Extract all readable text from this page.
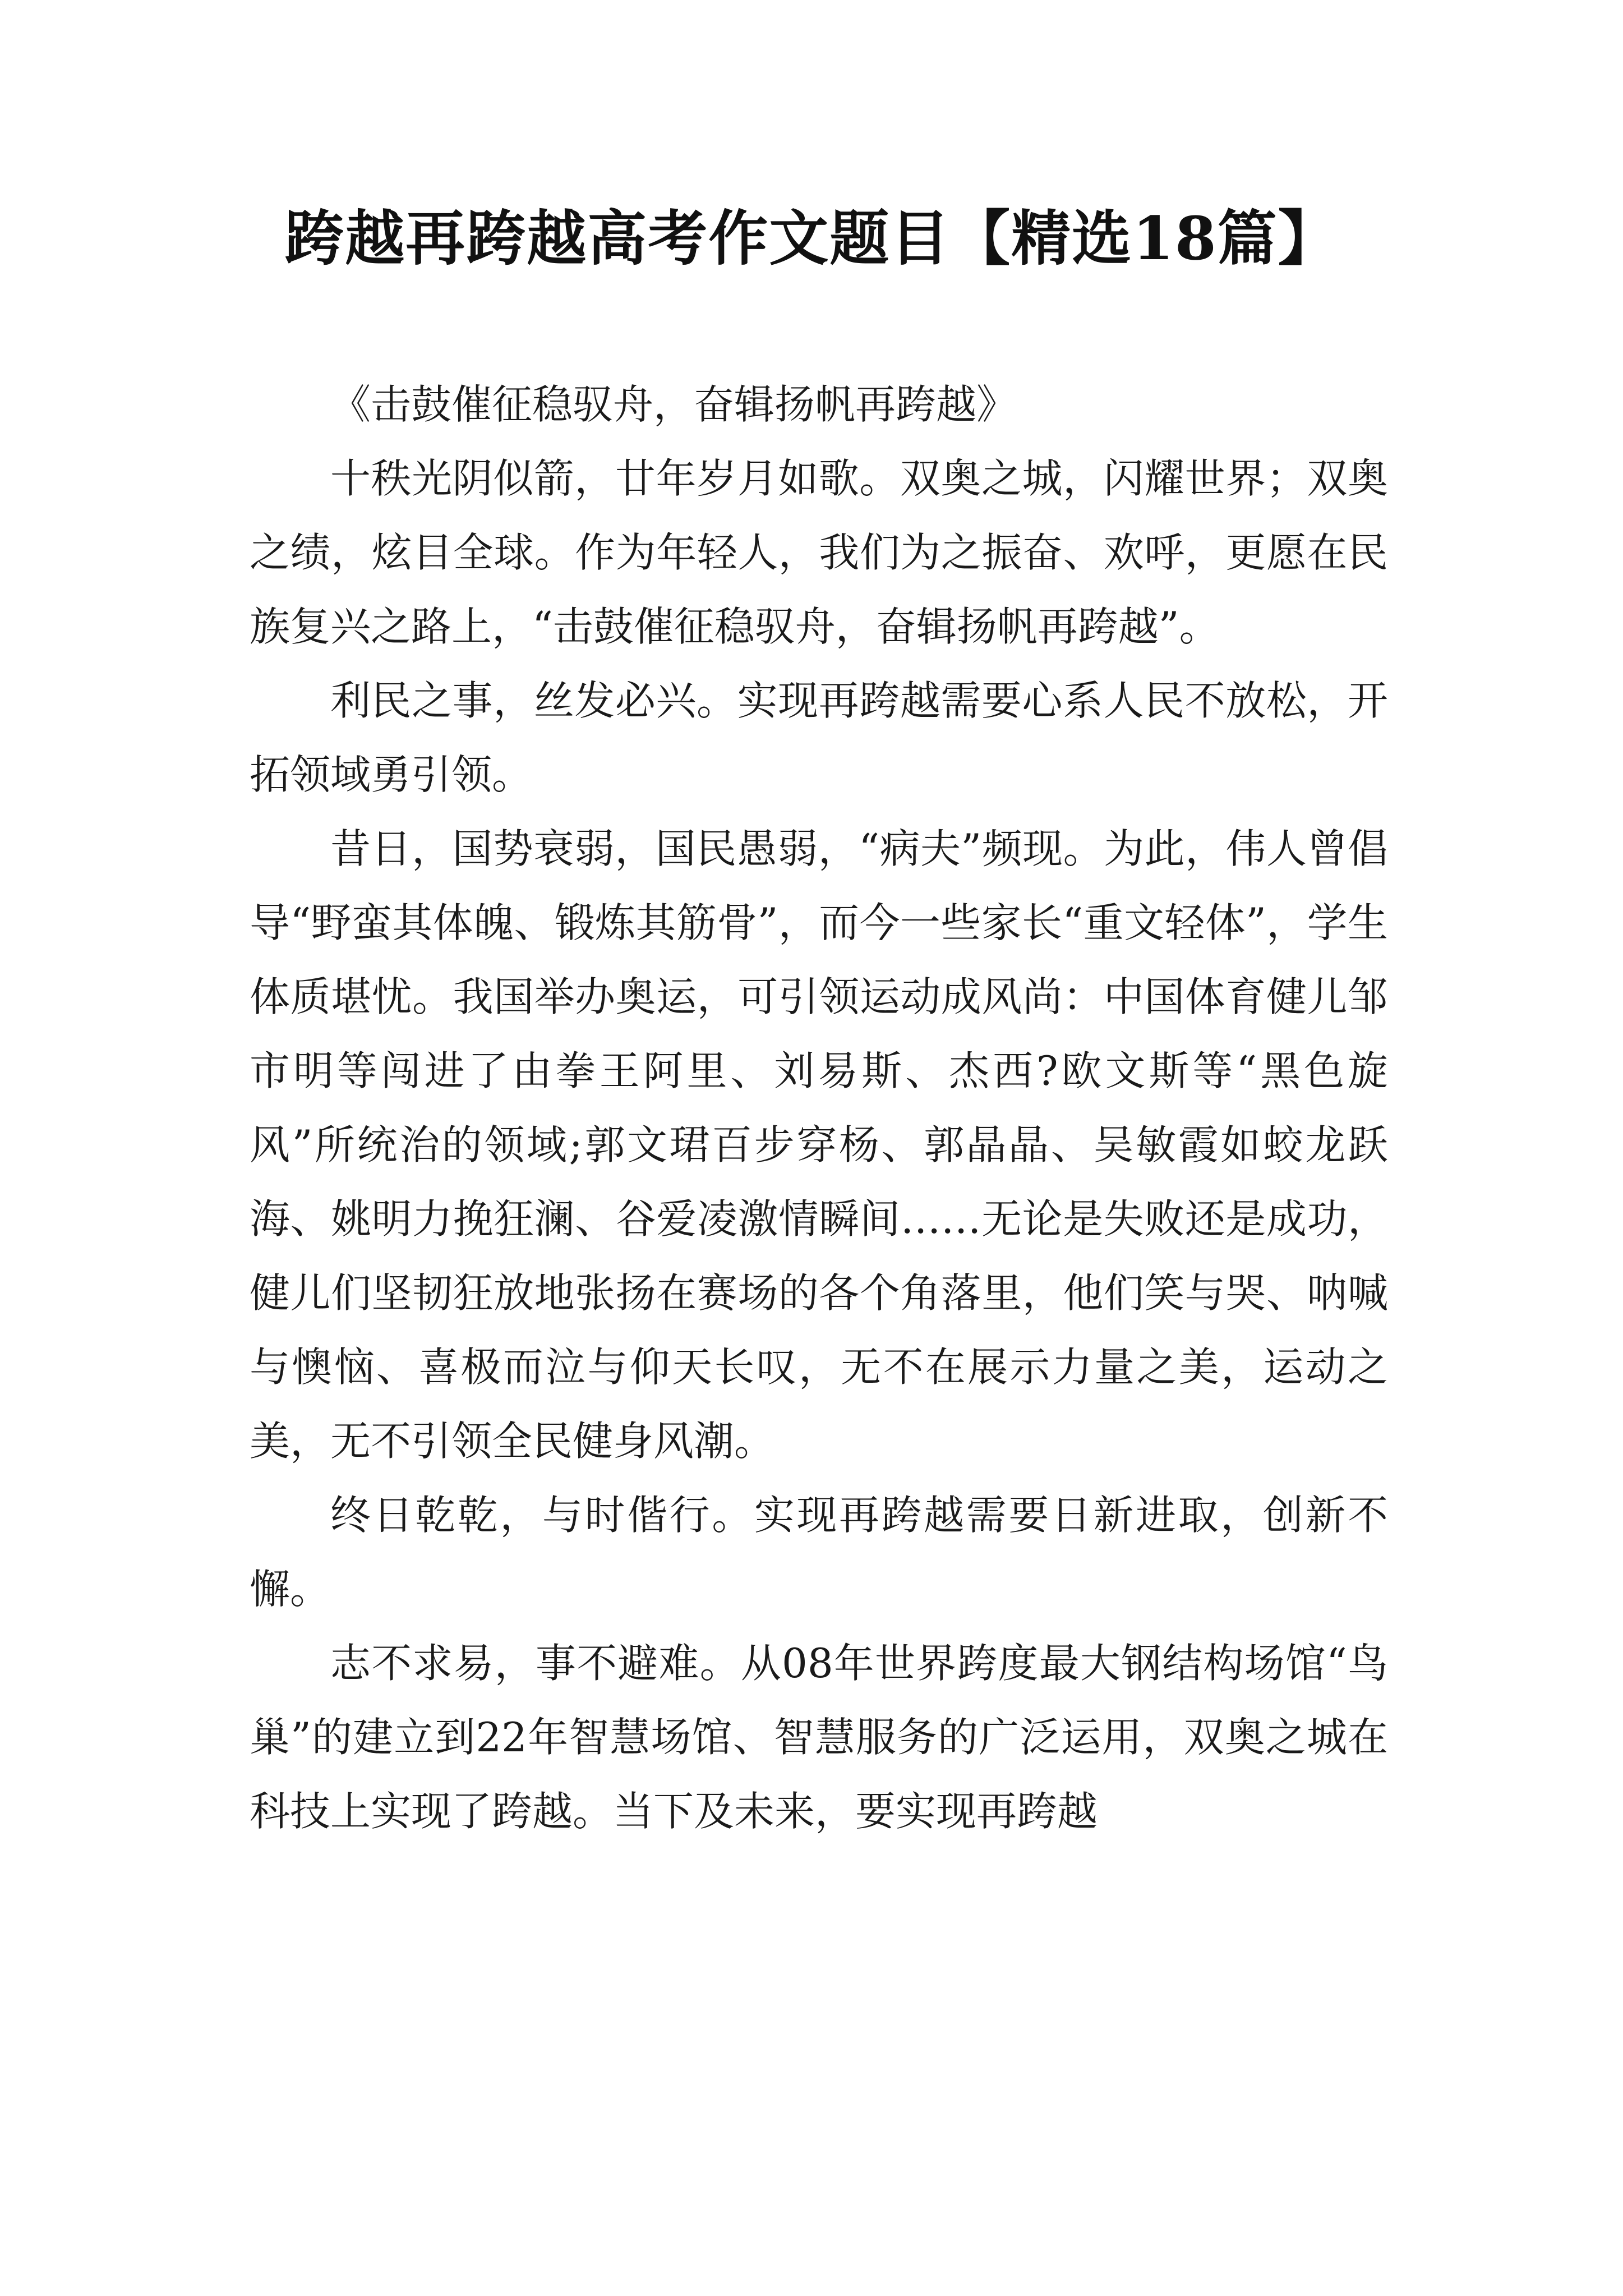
跨越再跨越高考作文题目【精选18篇】

《击鼓催征稳驭舟，奋辑扬帆再跨越》

十秩光阴似箭，廿年岁月如歌。双奥之城，闪耀世界；双奥之绩，炫目全球。作为年轻人，我们为之振奋、欢呼，更愿在民族复兴之路上，“击鼓催征稳驭舟，奋辑扬帆再跨越”。

利民之事，丝发必兴。实现再跨越需要心系人民不放松，开拓领域勇引领。

昔日，国势衰弱，国民愚弱，“病夫”频现。为此，伟人曾倡导“野蛮其体魄、锻炼其筋骨”，而今一些家长“重文轻体”，学生体质堪忧。我国举办奥运，可引领运动成风尚：中国体育健儿邹市明等闯进了由拳王阿里、刘易斯、杰西?欧文斯等“黑色旋风”所统治的领域;郭文珺百步穿杨、郭晶晶、吴敏霞如蛟龙跃海、姚明力挽狂澜、谷爱凌激情瞬间……无论是失败还是成功，健儿们坚韧狂放地张扬在赛场的各个角落里，他们笑与哭、呐喊与懊恼、喜极而泣与仰天长叹，无不在展示力量之美，运动之美，无不引领全民健身风潮。

终日乾乾，与时偕行。实现再跨越需要日新进取，创新不懈。

志不求易，事不避难。从08年世界跨度最大钢结构场馆“鸟巢”的建立到22年智慧场馆、智慧服务的广泛运用，双奥之城在科技上实现了跨越。当下及未来，要实现再跨越
